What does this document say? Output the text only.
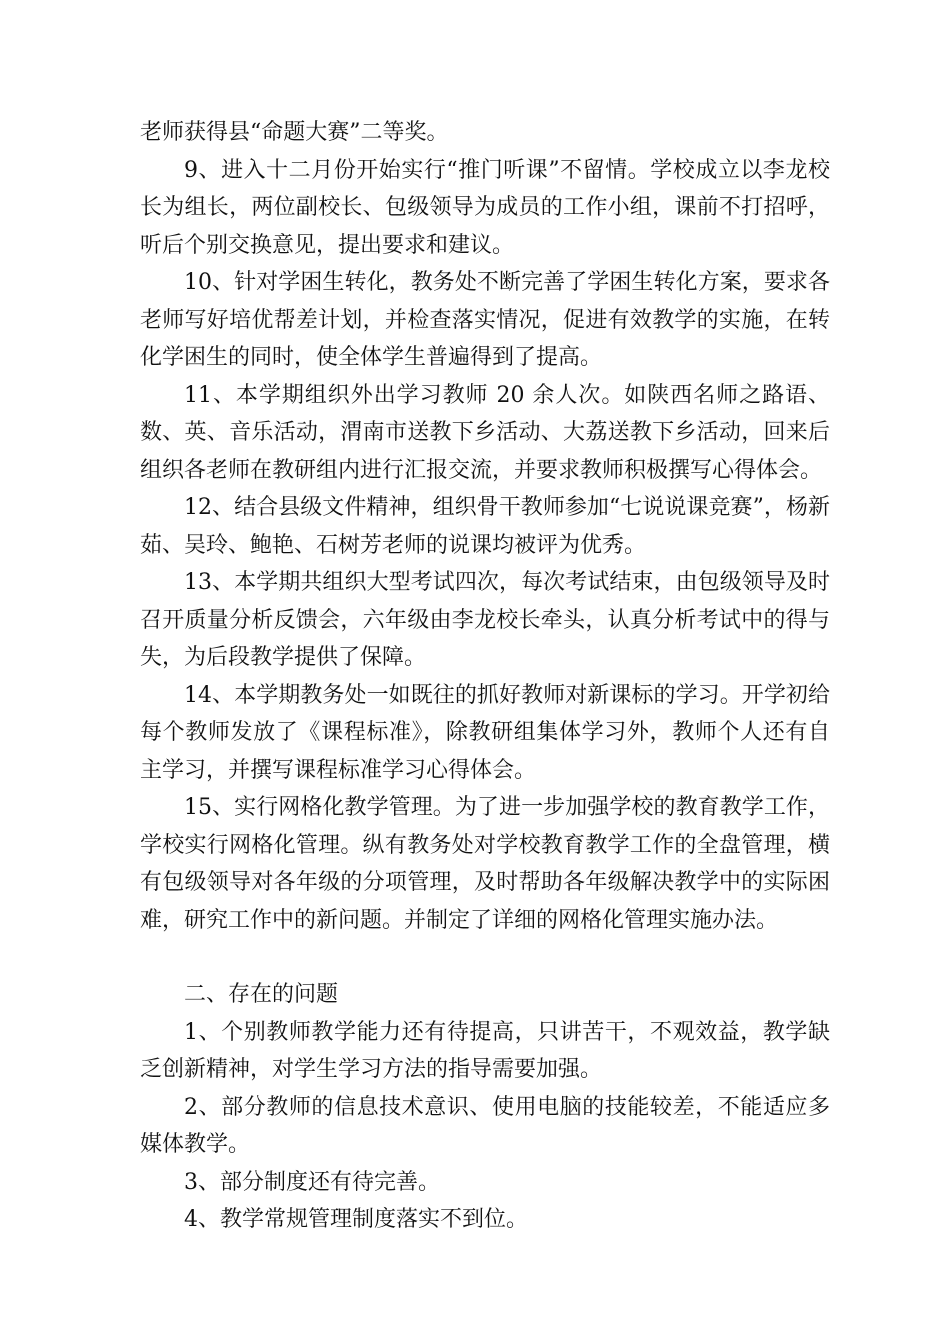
老师获得县“命题大赛”二等奖。

9、进入十二月份开始实行“推门听课”不留情。学校成立以李龙校长为组长，两位副校长、包级领导为成员的工作小组，课前不打招呼，听后个别交换意见，提出要求和建议。

10、针对学困生转化，教务处不断完善了学困生转化方案，要求各老师写好培优帮差计划，并检查落实情况，促进有效教学的实施，在转化学困生的同时，使全体学生普遍得到了提高。

11、本学期组织外出学习教师 20 余人次。如陕西名师之路语、数、英、音乐活动，渭南市送教下乡活动、大荔送教下乡活动，回来后组织各老师在教研组内进行汇报交流，并要求教师积极撰写心得体会。

12、结合县级文件精神，组织骨干教师参加“七说说课竞赛”，杨新茹、吴玲、鲍艳、石树芳老师的说课均被评为优秀。

13、本学期共组织大型考试四次，每次考试结束，由包级领导及时召开质量分析反馈会，六年级由李龙校长牵头，认真分析考试中的得与失，为后段教学提供了保障。

14、本学期教务处一如既往的抓好教师对新课标的学习。开学初给每个教师发放了《课程标准》，除教研组集体学习外，教师个人还有自主学习，并撰写课程标准学习心得体会。

15、实行网格化教学管理。为了进一步加强学校的教育教学工作，学校实行网格化管理。纵有教务处对学校教育教学工作的全盘管理，横有包级领导对各年级的分项管理，及时帮助各年级解决教学中的实际困难，研究工作中的新问题。并制定了详细的网格化管理实施办法。

二、存在的问题

1、个别教师教学能力还有待提高，只讲苦干，不观效益，教学缺乏创新精神，对学生学习方法的指导需要加强。

2、部分教师的信息技术意识、使用电脑的技能较差，不能适应多媒体教学。

3、部分制度还有待完善。

4、教学常规管理制度落实不到位。
